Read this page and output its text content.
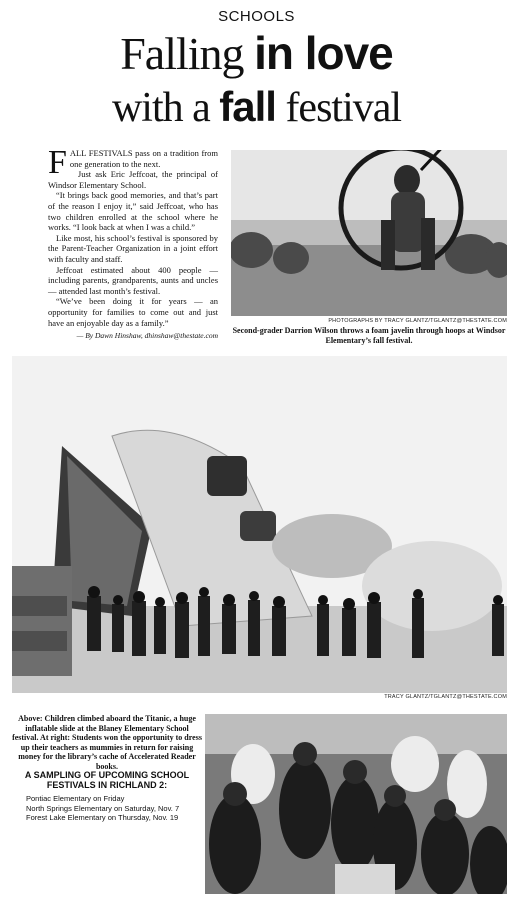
SCHOOLS
Falling in love
with a fall festival
F ALL FESTIVALS pass on a tradition from one generation to the next.

Just ask Eric Jeffcoat, the principal of Windsor Elementary School.

“It brings back good memories, and that’s part of the reason I enjoy it,” said Jeffcoat, who has two children enrolled at the school where he works. “I look back at when I was a child.”

Like most, his school’s festival is sponsored by the Parent-Teacher Organization in a joint effort with faculty and staff.

Jeffcoat estimated about 400 people — including parents, grandparents, aunts and uncles — attended last month’s festival.

“We’ve been doing it for years — an opportunity for families to come out and just have an enjoyable day as a family.”

— By Dawn Hinshaw, dhinshaw@thestate.com
PHOTOGRAPHS BY TRACY GLANTZ/TGLANTZ@THESTATE.COM
Second-grader Darrion Wilson throws a foam javelin through hoops at Windsor Elementary’s fall festival.
TRACY GLANTZ/TGLANTZ@THESTATE.COM
Above: Children climbed aboard the Titanic, a huge inflatable slide at the Blaney Elementary School festival. At right: Students won the opportunity to dress up their teachers as mummies in return for raising money for the library’s cache of Accelerated Reader books.
A SAMPLING OF UPCOMING SCHOOL FESTIVALS IN RICHLAND 2:
Pontiac Elementary on Friday
North Springs Elementary on Saturday, Nov. 7
Forest Lake Elementary on Thursday, Nov. 19
